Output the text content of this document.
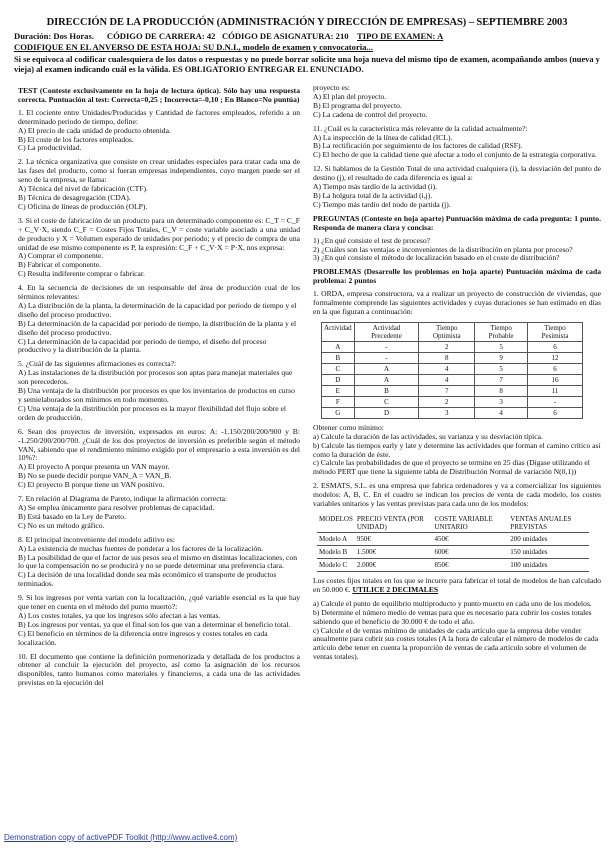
DIRECCIÓN DE LA PRODUCCIÓN (ADMINISTRACIÓN Y DIRECCIÓN DE EMPRESAS) – SEPTIEMBRE 2003
Duración: Dos Horas. CÓDIGO DE CARRERA: 42 CÓDIGO DE ASIGNATURA: 210 TIPO DE EXAMEN: A
CODIFIQUE EN EL ANVERSO DE ESTA HOJA: SU D.N.I., modelo de examen y convocatoria...
Si se equivoca al codificar cualesquiera de los datos o respuestas y no puede borrar solicite una hoja nueva del mismo tipo de examen, acompañando ambos (nueva y vieja) al examen indicando cuál es la válida. ES OBLIGATORIO ENTREGAR EL ENUNCIADO.

TEST (Conteste exclusivamente en la hoja de lectura óptica). Sólo hay una respuesta correcta. Puntuación al test: Correcta=0,25 ; Incorrecta=-0,10 ; En Blanco=No puntúa)

1. El cociente entre Unidades/Producidas y Cantidad de factores empleados, referido a un determinado periodo de tiempo, define:
A) El precio de cada unidad de producto obtenida.
B) El coste de los factores empleados.
C) La productividad.
2. La técnica organizativa que consiste en crear unidades especiales para tratar cada una de las fases del producto, como si fueran empresas independientes, cuyo margen puede ser el seno de la empresa, se llama:
A) Técnica del nivel de fabricación (CTF).
B) Técnica de desagregación (CDA).
C) Oficina de líneas de producción (OLP).
3. Si el coste de fabricación de un producto para un determinado componente es: C_T = C_F + C_V·X, siendo C_F = Costes Fijos Totales, C_V = coste variable asociado a una unidad de producto y X = Volumen esperado de unidades por periodo; y el precio de compra de una unidad de ese mismo componente es P, la expresión: C_F + C_V·X = P·X, nos expresa:
A) Comprar el componente.
B) Fabricar el componente.
C) Resulta indiferente comprar o fabricar.
4. En la secuencia de decisiones de un responsable del área de producción cual de los términos relevantes:
A) La distribución de la planta, la determinación de la capacidad por periodo de tiempo y el diseño del proceso productivo.
B) La determinación de la capacidad por periodo de tiempo, la distribución de la planta y el diseño del proceso productivo.
C) La determinación de la capacidad por periodo de tiempo, el diseño del proceso productivo y la distribución de la planta.
5. ¿Cuál de las siguientes afirmaciones es correcta?:
A) Las instalaciones de la distribución por procesos son aptas para manejar materiales que son perecederos.
B) Una ventaja de la distribución por procesos es que los inventarios de productos en curso y semielaborados son mínimos en todo momento.
C) Una ventaja de la distribución por procesos es la mayor flexibilidad del flujo sobre el orden de producción.
6. Sean dos proyectos de inversión, expresados en euros: A: -1.150/200/200/900 y B: -1.250/200/200/700. ¿Cuál de los dos proyectos de inversión es preferible según el método VAN, sabiendo que el rendimiento mínimo exigido por el empresario a esta inversión es del 10%?:
A) El proyecto A porque presenta un VAN mayor.
B) No se puede decidir porque VAN_A = VAN_B.
C) El proyecto B porque tiene un VAN positivo.
7. En relación al Diagrama de Pareto, indique la afirmación correcta:
A) Se emplea únicamente para resolver problemas de capacidad.
B) Está basado en la Ley de Pareto.
C) No es un método gráfico.
8. El principal inconveniente del modelo aditivo es:
A) La existencia de muchas fuentes de ponderar a los factores de la localización.
B) La posibilidad de que el factor de sus pesos sea el mismo en distintas localizaciones, con lo que la compensación no se producirá y no se puede determinar una preferencia clara.
C) La decisión de una localidad donde sea más económico el transporte de productos terminados.
9. Si los ingresos por venta varían con la localización, ¿qué variable esencial es la que hay que tener en cuenta en el método del punto muerto?:
A) Los costes totales, ya que los ingresos sólo afectan a las ventas.
B) Los ingresos por ventas, ya que el final son los que van a determinar el beneficio total.
C) El beneficio en términos de la diferencia entre ingresos y costes totales en cada localización.
10. El documento que contiene la definición pormenorizada y detallada de los productos a obtener al concluir la ejecución del proyecto, así como la asignación de los recursos disponibles, tanto humanos como materiales y financieros, a cada una de las actividades previstas en la ejecución del
proyecto es:
A) El plan del proyecto.
B) El programa del proyecto.
C) La cadena de control del proyecto.
11. ¿Cuál es la característica más relevante de la calidad actualmente?:
A) La inspección de la línea de calidad (ICL).
B) La rectificación por seguimiento de los factores de calidad (RSF).
C) El hecho de que la calidad tiene que afectar a todo el conjunto de la estrategia corporativa.
12. Si hablamos de la Gestión Total de una actividad cualquiera (i), la desviación del punto de destino (j), el resultado de cada diferencia es igual a:
A) Tiempo más tardío de la actividad (i).
B) La holgura total de la actividad (i,j).
C) Tiempo más tardío del nodo de partida (j).

PREGUNTAS (Conteste en hoja aparte) Puntuación máxima de cada pregunta: 1 punto. Responda de manera clara y concisa:

1) ¿En qué consiste el test de proceso?
2) ¿Cuáles son las ventajas e inconvenientes de la distribución en planta por proceso?
3) ¿En qué consiste el método de localización basado en el coste de distribución?

PROBLEMAS (Desarrolle los problemas en hoja aparte) Puntuación máxima de cada problema: 2 puntos

1. ORDA, empresa constructora, va a realizar un proyecto de construcción de viviendas, que formalmente comprende las siguientes actividades y cuyas duraciones se han estimado en días en la que figuran a continuación:

Actividad	Actividad Precedente	Tiempo Optimista	Tiempo Probable	Tiempo Pesimista
A	-	2	5	6
B	-	8	9	12
C	A	4	5	6
D	A	4	7	16
E	B	7	8	11
F	C	2	3	-
G	D	3	4	6
Obtener como mínimo:
a) Calcule la duración de las actividades, su varianza y su desviación típica.
b) Calcule las tiempos early y late y determine las actividades que forman el camino crítico así como la duración de éste.
c) Calcule las probabilidades de que el proyecto se termine en 25 días (Dígase utilizando el método PERT que tiene la siguiente tabla de Distribución Normal de variación N(0,1))

2. ESMATS, S.L. es una empresa que fabrica ordenadores y va a comercializar los siguientes modelos: A, B, C. En el cuadro se indican los precios de venta de cada modelo, los costes variables unitarios y las ventas previstas para cada uno de los modelos:

MODELOS	PRECIO VENTA (POR UNIDAD)	COSTE VARIABLE UNITARIO	VENTAS ANUALES PREVISTAS
Modelo A	950€	450€	200 unidades
Modelo B	1.500€	600€	150 unidades
Modelo C	2.000€	850€	100 unidades

Los costes fijos totales en los que se incurre para fabricar el total de modelos de han calculado en 50.000 €. UTILICE 2 DECIMALES

a) Calcule el punto de equilibrio multiproducto y punto muerto en cada uno de los modelos.
b) Determine el número medio de ventas para que es necesario para cubrir los costes totales sabiendo que el beneficio de 30.000 € de todo el año.
c) Calcule el de ventas mínimo de unidades de cada artículo que la empresa debe vender anualmente para cubrir sus costes totales (A la hora de calcular el número de modelos de cada artículo debe tener en cuenta la proporción de ventas de cada artículo sobre el volumen de ventas totales).
Demonstration copy of activePDF Toolkit (http://www.active4.com)
